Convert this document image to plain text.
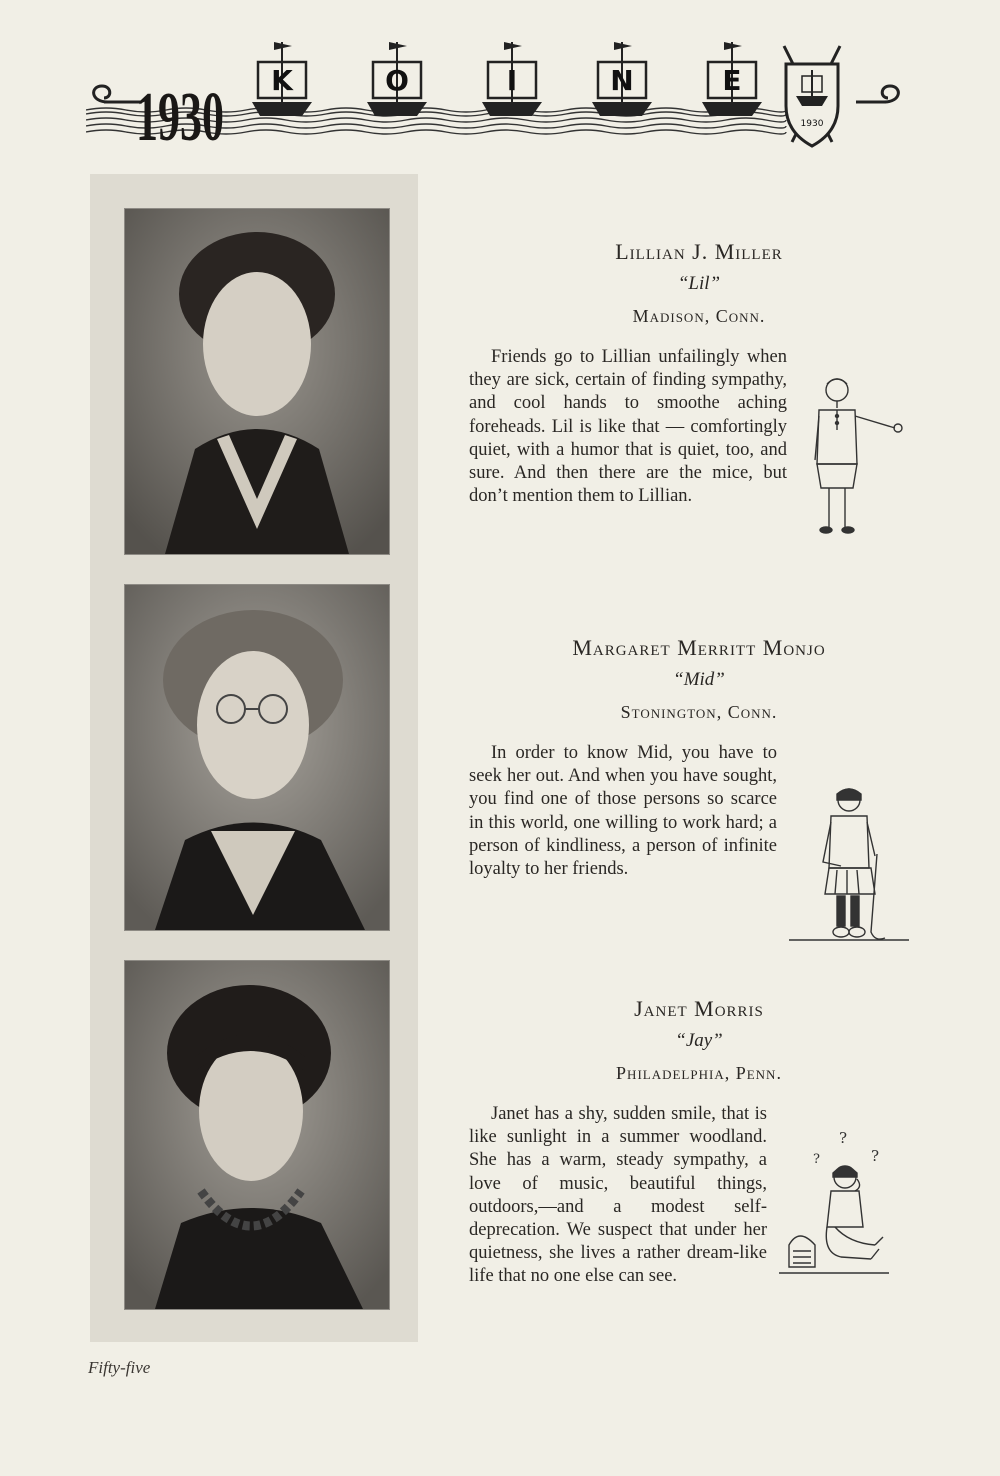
1930 K	O	I	N	E
1930

Lillian J. Miller

“Lil”

Madison, Conn.

Friends go to Lillian unfailingly when they are sick, certain of finding sympathy, and cool hands to smoothe aching foreheads. Lil is like that — comfortingly quiet, with a humor that is quiet, too, and sure. And then there are the mice, but don’t mention them to Lillian.

Margaret Merritt Monjo

“Mid”

Stonington, Conn.

In order to know Mid, you have to seek her out. And when you have sought, you find one of those persons so scarce in this world, one willing to work hard; a person of kindliness, a person of infinite loyalty to her friends.

Janet Morris

“Jay”

Philadelphia, Penn.

?
?	?
Janet has a shy, sudden smile, that is like sunlight in a summer woodland. She has a warm, steady sympathy, a love of music, beautiful things, outdoors,—and a modest self-deprecation. We suspect that under her quietness, she lives a rather dream-like life that no one else can see.
Fifty-five
